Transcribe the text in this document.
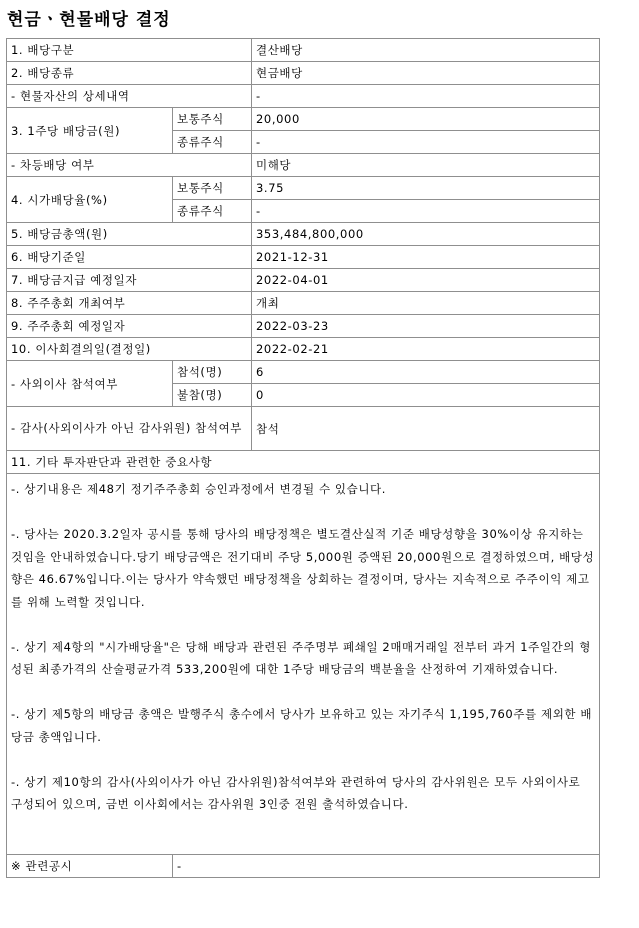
현금ㆍ현물배당 결정
1. 배당구분		결산배당
2. 배당종류		현금배당
- 현물자산의 상세내역		-
3. 1주당 배당금(원)	보통주식	20,000
	종류주식	-
- 차등배당 여부		미해당
4. 시가배당율(%)	보통주식	3.75
	종류주식	-
5. 배당금총액(원)		353,484,800,000
6. 배당기준일		2021-12-31
7. 배당금지급 예정일자		2022-04-01
8. 주주총회 개최여부		개최
9. 주주총회 예정일자		2022-03-23
10. 이사회결의일(결정일)		2022-02-21
- 사외이사 참석여부	참석(명)	6
	불참(명)	0
- 감사(사외이사가 아닌 감사위원) 참석여부		참석
11. 기타 투자판단과 관련한 중요사항		

-. 상기내용은 제48기 정기주주총회 승인과정에서 변경될 수 있습니다.
-. 당사는 2020.3.2일자 공시를 통해 당사의 배당정책은 별도결산실적 기준 배당성향을 30%이상 유지하는 것임을 안내하였습니다.당기 배당금액은 전기대비 주당 5,000원 증액된 20,000원으로 결정하였으며, 배당성향은 46.67%입니다.이는 당사가 약속했던 배당정책을 상회하는 결정이며, 당사는 지속적으로 주주이익 제고를 위해 노력할 것입니다.
-. 상기 제4항의 "시가배당율"은 당해 배당과 관련된 주주명부 폐쇄일 2매매거래일 전부터 과거 1주일간의 형성된 최종가격의 산술평균가격 533,200원에 대한 1주당 배당금의 백분율을 산정하여 기재하였습니다.
-. 상기 제5항의 배당금 총액은 발행주식 총수에서 당사가 보유하고 있는 자기주식 1,195,760주를 제외한 배당금 총액입니다.
-. 상기 제10항의 감사(사외이사가 아닌 감사위원)참석여부와 관련하여 당사의 감사위원은 모두 사외이사로 구성되어 있으며, 금번 이사회에서는 감사위원 3인중 전원 출석하였습니다.		

※ 관련공시	-	
